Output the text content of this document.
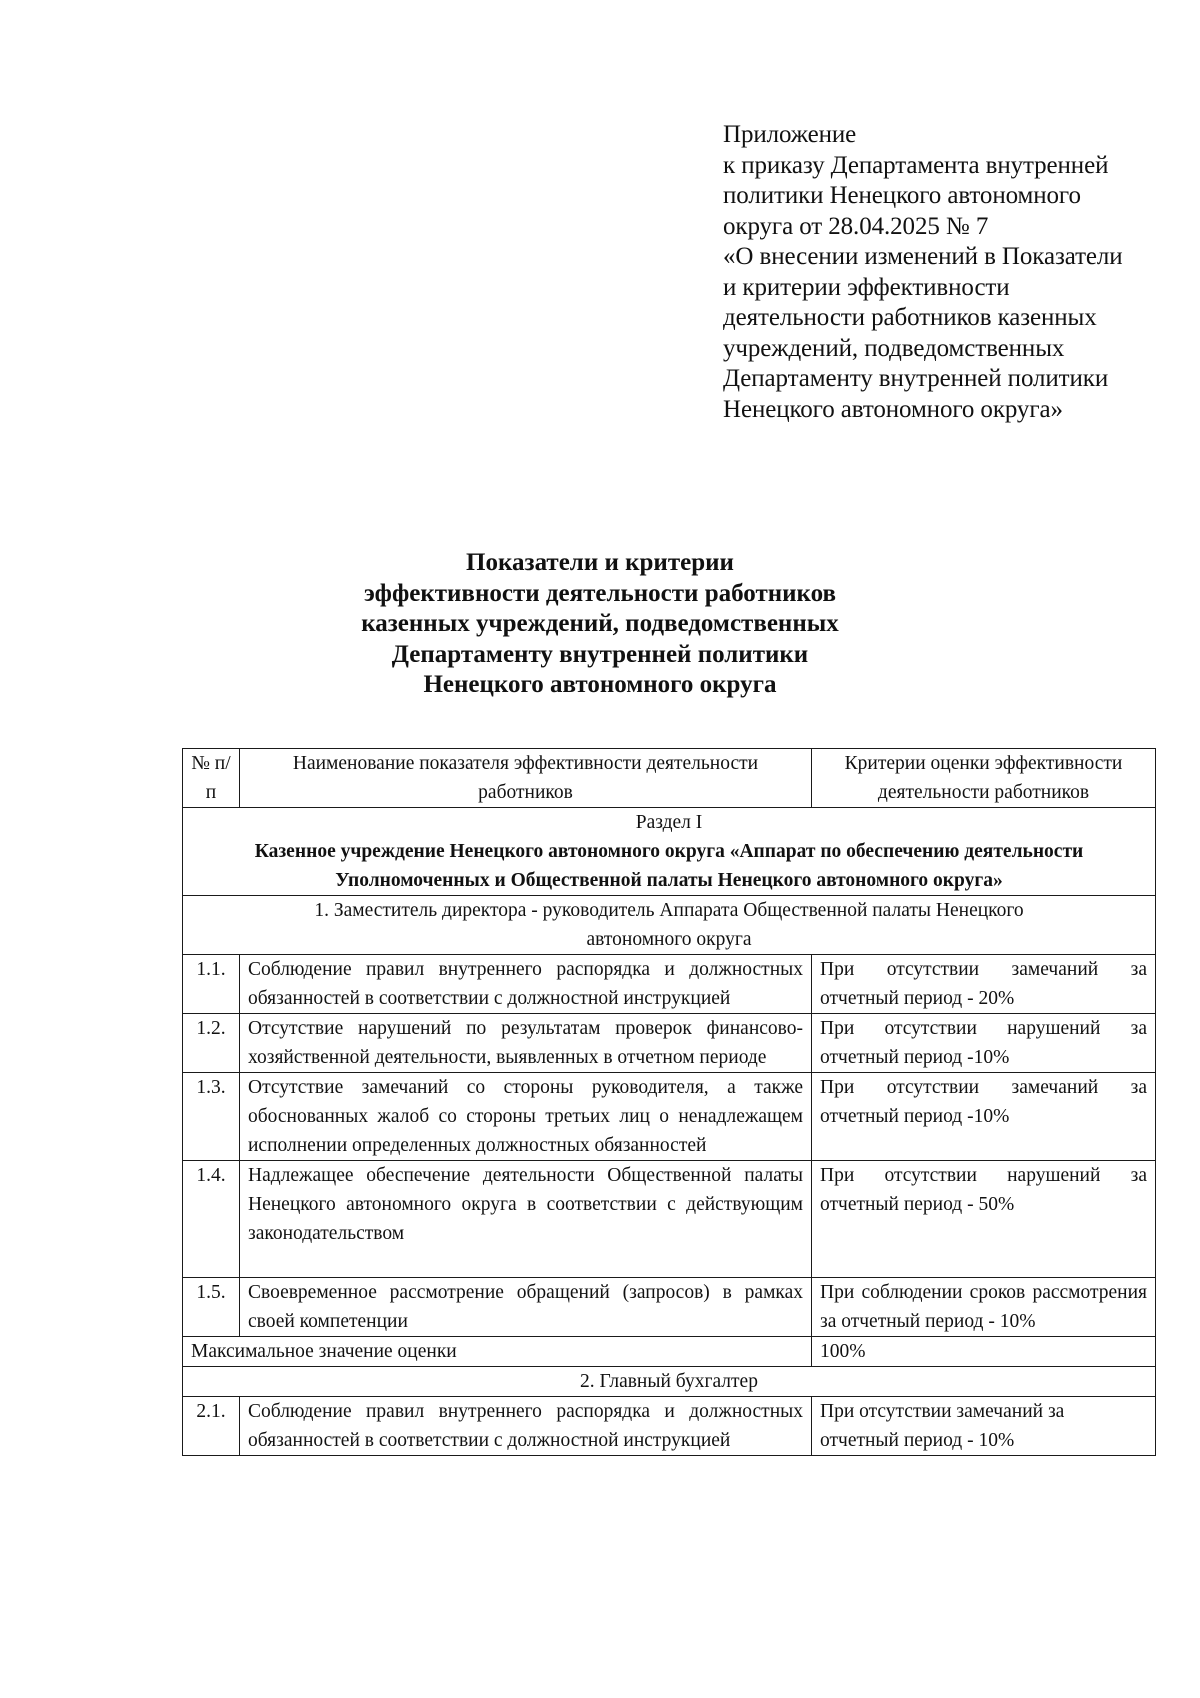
Приложение
к приказу Департамента внутренней
политики Ненецкого автономного
округа от 28.04.2025 № 7
«О внесении изменений в Показатели
и критерии эффективности
деятельности работников казенных
учреждений, подведомственных
Департаменту внутренней политики
Ненецкого автономного округа»
Показатели и критерии
эффективности деятельности работников
казенных учреждений, подведомственных
Департаменту внутренней политики
Ненецкого автономного округа
№ п/п	Наименование показателя эффективности деятельности работников	Критерии оценки эффективности деятельности работников

Раздел I
Казенное учреждение Ненецкого автономного округа «Аппарат по обеспечению деятельности Уполномоченных и Общественной палаты Ненецкого автономного округа»		

1. Заместитель директора - руководитель Аппарата Общественной палаты Ненецкого автономного округа		
1.1.	Соблюдение правил внутреннего распорядка и должностных обязанностей в соответствии с должностной инструкцией	При отсутствии замечаний за отчетный период - 20%
1.2.	Отсутствие нарушений по результатам проверок финансово-хозяйственной деятельности, выявленных в отчетном периоде	При отсутствии нарушений за отчетный период -10%
1.3.	Отсутствие замечаний со стороны руководителя, а также обоснованных жалоб со стороны третьих лиц о ненадлежащем исполнении определенных должностных обязанностей	При отсутствии замечаний за отчетный период -10%
1.4.	Надлежащее обеспечение деятельности Общественной палаты Ненецкого автономного округа в соответствии с действующим законодательством	При отсутствии нарушений за отчетный период - 50%
1.5.	Своевременное рассмотрение обращений (запросов) в рамках своей компетенции	При соблюдении сроков рассмотрения за отчетный период - 10%
Максимальное значение оценки		100%
2. Главный бухгалтер		
2.1.	Соблюдение правил внутреннего распорядка и должностных обязанностей в соответствии с должностной инструкцией	При отсутствии замечаний за отчетный период - 10%
